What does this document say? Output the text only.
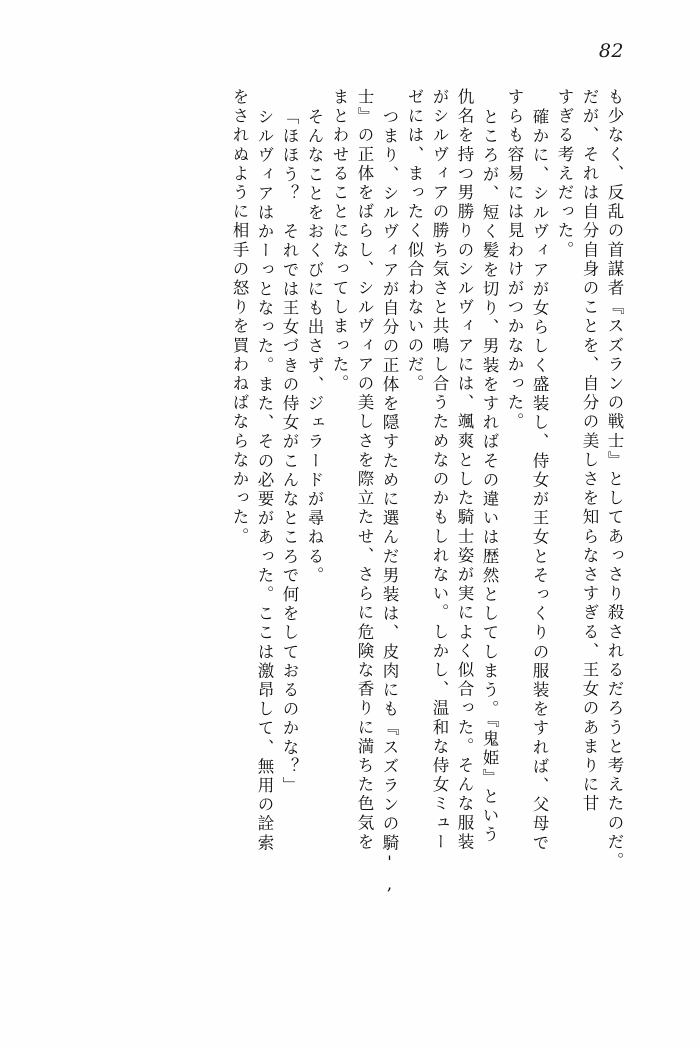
82
も少なく、反乱の首謀者『スズランの戦士』としてあっさり殺されるだろうと考えたのだ。
だが、それは自分自身のことを、自分の美しさを知らなさすぎる、王女のあまりに甘
すぎる考えだった。
確かに、シルヴィアが女らしく盛装し、侍女が王女とそっくりの服装をすれば、父母で
すらも容易には見わけがつかなかった。
ところが、短く髪を切り、男装をすればその違いは歴然としてしまう。『鬼姫』という
仇名を持つ男勝りのシルヴィアには、颯爽とした騎士姿が実によく似合った。そんな服装
がシルヴィアの勝ち気さと共鳴し合うためなのかもしれない。しかし、温和な侍女ミュー
ゼには、まったく似合わないのだ。
つまり、シルヴィアが自分の正体を隠すために選んだ男装は、皮肉にも『スズランの騎',
士』の正体をばらし、シルヴィアの美しさを際立たせ、さらに危険な香りに満ちた色気を
まとわせることになってしまった。
そんなことをおくびにも出さず、ジェラードが尋ねる。
「ほほう？　それでは王女づきの侍女がこんなところで何をしておるのかな？」
シルヴィアはかーっとなった。また、その必要があった。ここは激昂して、無用の詮索
をされぬように相手の怒りを買わねばならなかった。
